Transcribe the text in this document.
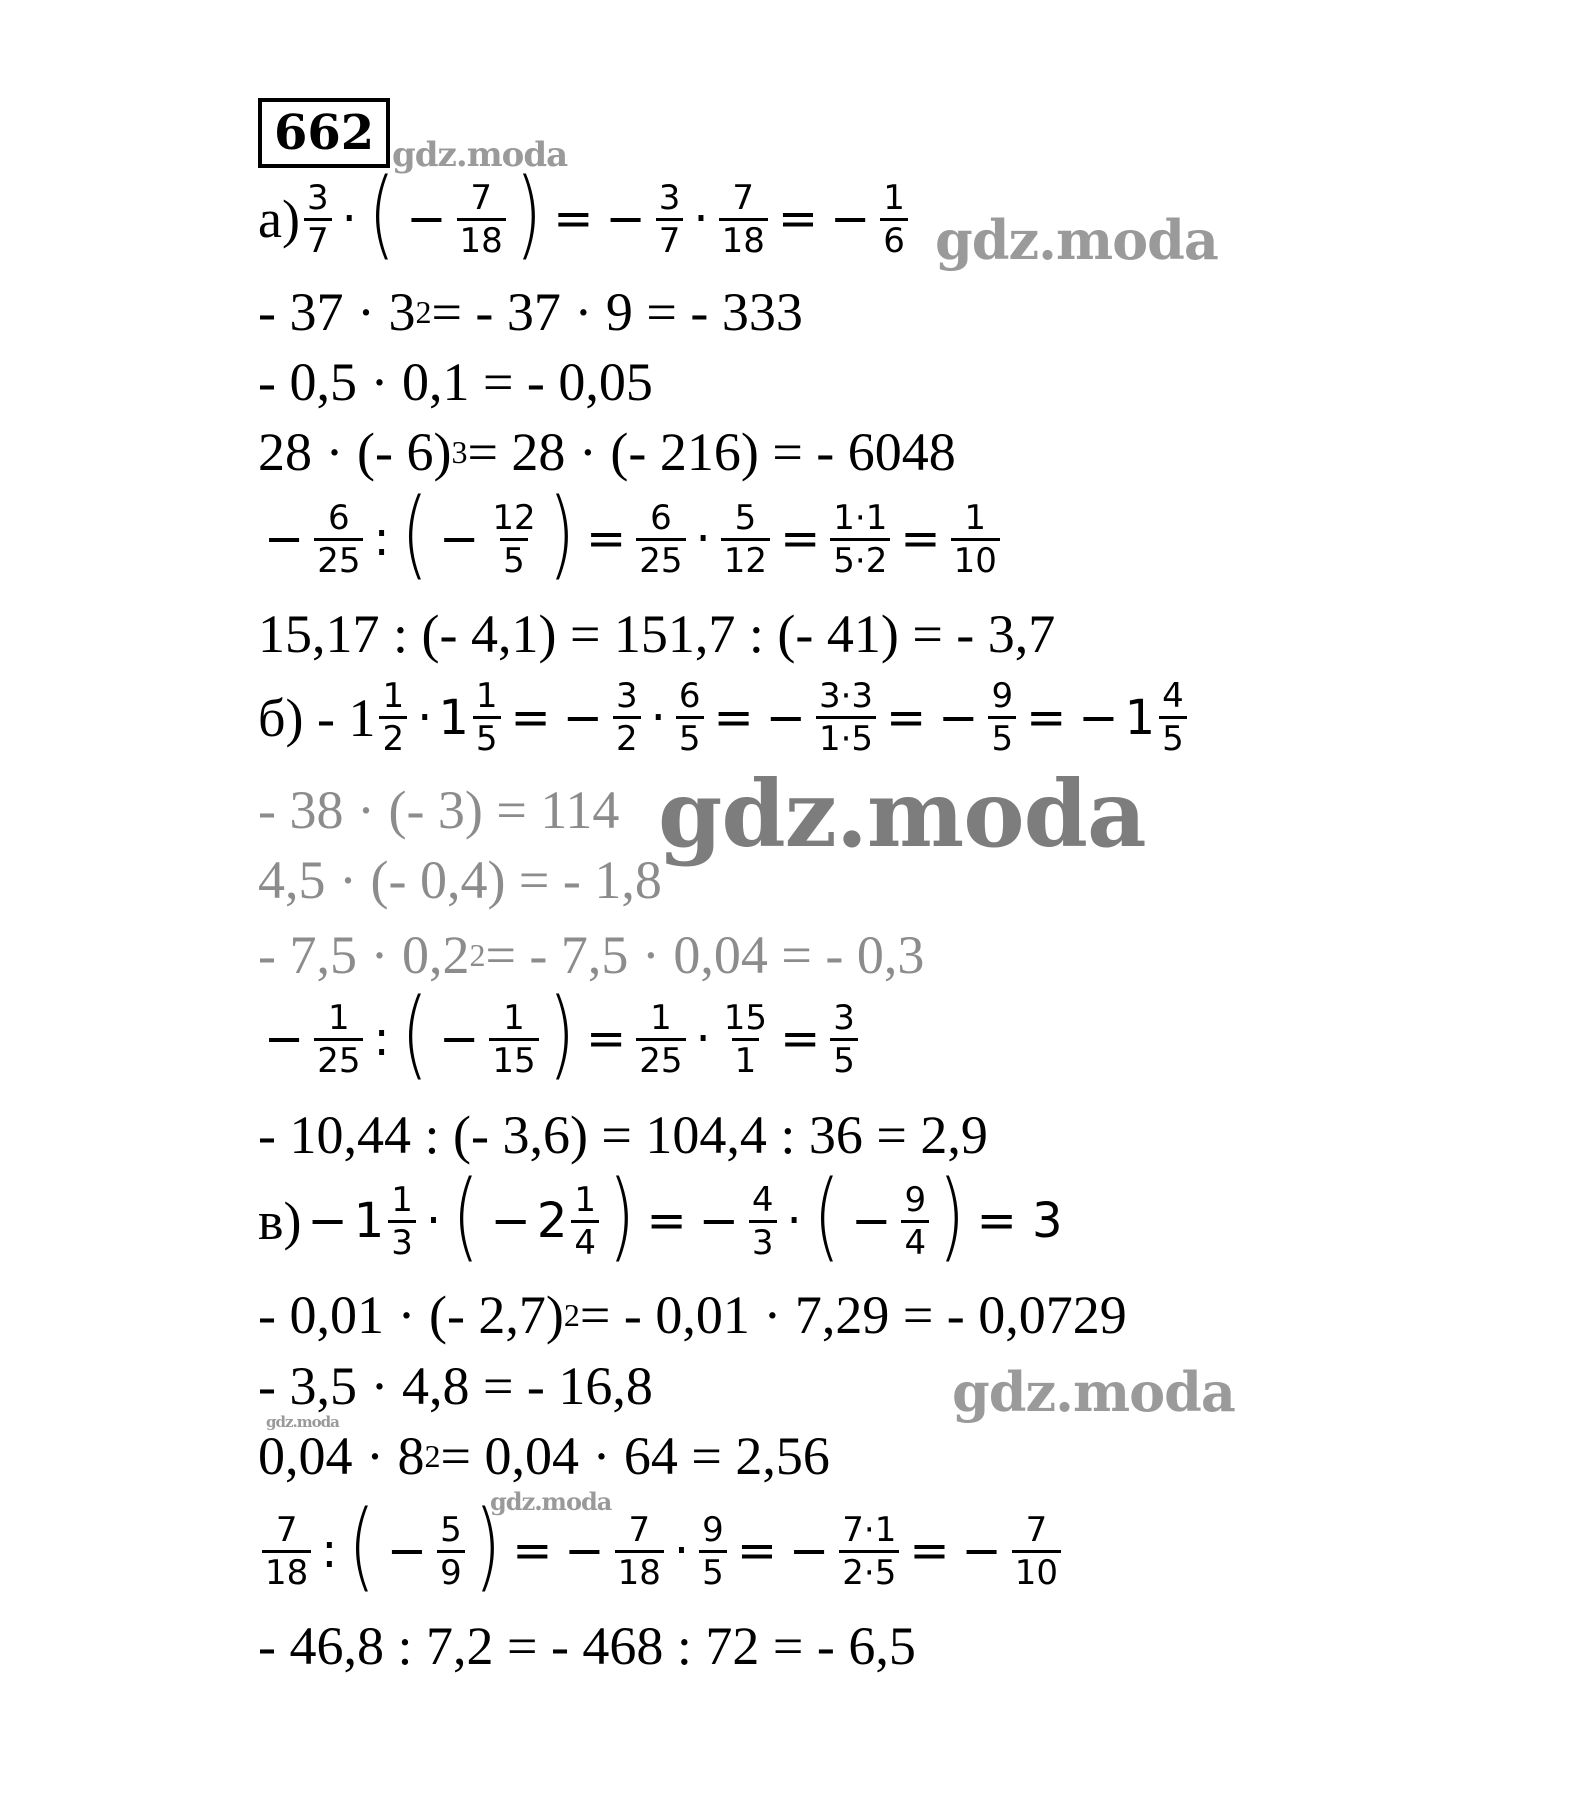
662 gdz.moda
$а) \frac{3}{7}$ · ( − $\frac{7}{18}$ ) = − $\frac{3}{7} \cdot \frac{7}{18}$ = − $\frac{1}{6}$ gdz.moda
- 37 · 3 2 = - 37 · 9 = - 333
- 0,5 · 0,1 = - 0,05
28 · (- 6) 3 = 28 · (- 216) = - 6048
− $\frac{6}{25}$ : ( − $\frac{12}{5}$ ) = $\frac{6}{25} \cdot \frac{5}{12} = \frac{1\cdot 1}{5\cdot 2} = \frac{1}{10}$
15,17 : (- 4,1) = 151,7 : (- 41) = - 3,7
$б) - 1 \frac{1}{2} \cdot 1 \frac{1}{5}$ = − $\frac{3}{2} \cdot \frac{6}{5}$ = − $\frac{3\cdot 3}{1\cdot 5}$ = − $\frac{9}{5}$ = − $1 \frac{4}{5}$
- 38 · (- 3) = 114 gdz.moda
4,5 · (- 0,4) = - 1,8
- 7,5 · 0,2 2 = - 7,5 · 0,04 = - 0,3
− $\frac{1}{25}$ : ( − $\frac{1}{15}$ ) = $\frac{1}{25} \cdot \frac{15}{1} = \frac{3}{5}$
- 10,44 : (- 3,6) = 104,4 : 36 = 2,9
$в) - 1 \frac{1}{3}$ · ( − $2 \frac{1}{4}$ ) = − $\frac{4}{3}$ · ( − $\frac{9}{4}$ ) = 3
- 0,01 · (- 2,7) 2 = - 0,01 · 7,29 = - 0,0729
- 3,5 · 4,8 = - 16,8	gdz.moda
gdz.moda
0,04 · 8 2 = 0,04 · 64 = 2,56
gdz.moda
$\frac{7}{18}$ : ( − $\frac{5}{9}$ ) = − $\frac{7}{18} \cdot \frac{9}{5}$ = − $\frac{7\cdot 1}{2\cdot 5}$ = − $\frac{7}{10}$
- 46,8 : 7,2 = - 468 : 72 = - 6,5
